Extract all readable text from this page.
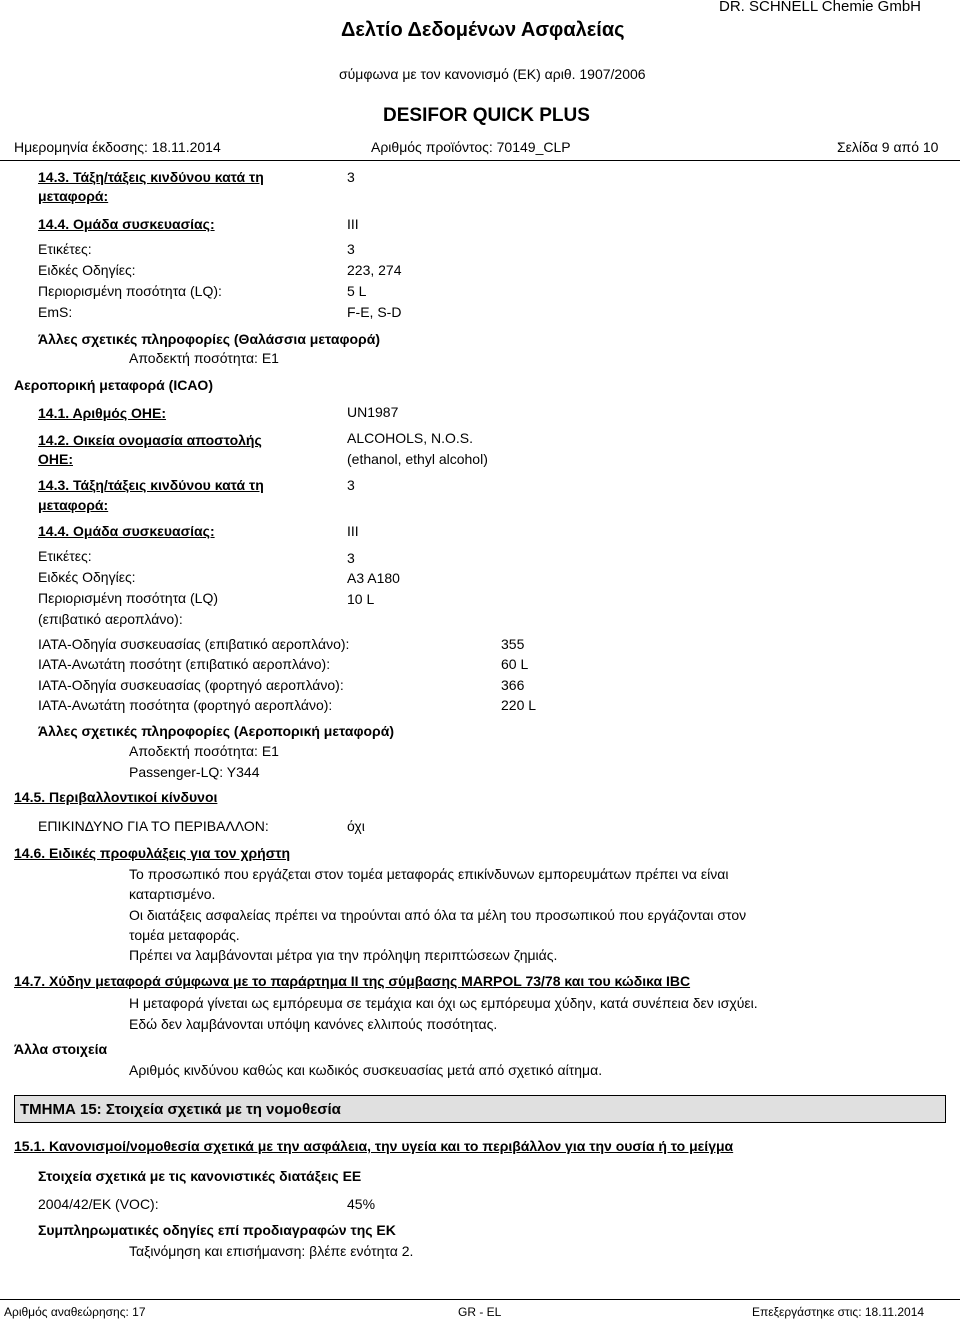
Δελτίο Δεδομένων Ασφαλείας
DR. SCHNELL Chemie GmbH
σύμφωνα με τον κανονισμό (ΕΚ) αριθ. 1907/2006
DESIFOR QUICK PLUS
Ημερομηνία έκδοσης: 18.11.2014	Αριθμός προϊόντος: 70149_CLP	Σελίδα 9 από 10
14.3. Τάξη/τάξεις κινδύνου κατά τη
μεταφορά:
3
14.4. Ομάδα συσκευασίας:	III
Ετικέτες:	3
Ειδκές Οδηγίες:	223, 274
Περιορισμένη ποσότητα (LQ):	5 L
EmS:	F-E, S-D
Άλλες σχετικές πληροφορίες (Θαλάσσια μεταφορά)
Αποδεκτή ποσότητα: E1
Αεροπορική μεταφορά (ICAO)
14.1. Αριθμός ΟΗΕ:	UN1987
14.2. Οικεία ονομασία αποστολής
ΟΗΕ:
ALCOHOLS, N.O.S.
(ethanol, ethyl alcohol)
14.3. Τάξη/τάξεις κινδύνου κατά τη
μεταφορά:
3
14.4. Ομάδα συσκευασίας:	III
Ετικέτες:	3
Ειδκές Οδηγίες:	A3 A180
Περιορισμένη ποσότητα (LQ)
(επιβατικό αεροπλάνο):
10 L
IATA-Οδηγία συσκευασίας (επιβατικό αεροπλάνο):	355
IATA-Ανωτάτη ποσότητ (επιβατικό αεροπλάνο):	60 L
IATA-Οδηγία συσκευασίας (φορτηγό αεροπλάνο):	366
IATA-Ανωτάτη ποσότητα (φορτηγό αεροπλάνο):	220 L
Άλλες σχετικές πληροφορίες (Αεροπορική μεταφορά)
Αποδεκτή ποσότητα: E1
Passenger-LQ: Y344
14.5. Περιβαλλοντικοί κίνδυνοι
ΕΠΙΚΙΝΔΥΝΟ ΓΙΑ ΤΟ ΠΕΡΙΒΑΛΛΟΝ:	όχι
14.6. Ειδικές προφυλάξεις για τον χρήστη
Το προσωπικό που εργάζεται στον τομέα μεταφοράς επικίνδυνων εμπορευμάτων πρέπει να είναι
καταρτισμένο.
Οι διατάξεις ασφαλείας πρέπει να τηρούνται από όλα τα μέλη του προσωπικού που εργάζονται στον
τομέα μεταφοράς.
Πρέπει να λαμβάνονται μέτρα για την πρόληψη περιπτώσεων ζημιάς.
14.7. Χύδην μεταφορά σύμφωνα με το παράρτημα II της σύμβασης MARPOL 73/78 και του κώδικα IBC
Η μεταφορά γίνεται ως εμπόρευμα σε τεμάχια και όχι ως εμπόρευμα χύδην, κατά συνέπεια δεν ισχύει.
Εδώ δεν λαμβάνονται υπόψη κανόνες ελλιπούς ποσότητας.
Άλλα στοιχεία
Αριθμός κινδύνου καθώς και κωδικός συσκευασίας μετά από σχετικό αίτημα.
ΤΜΗΜΑ 15: Στοιχεία σχετικά με τη νομοθεσία
15.1. Κανονισμοί/νομοθεσία σχετικά με την ασφάλεια, την υγεία και το περιβάλλον για την ουσία ή το μείγμα
Στοιχεία σχετικά με τις κανονιστικές διατάξεις ΕΕ
2004/42/EK (VOC):	45%
Συμπληρωματικές οδηγίες επί προδιαγραφών της ΕΚ
Ταξινόμηση και επισήμανση: βλέπε ενότητα 2.
Αριθμός αναθεώρησης: 17	GR - EL	Επεξεργάστηκε στις: 18.11.2014
